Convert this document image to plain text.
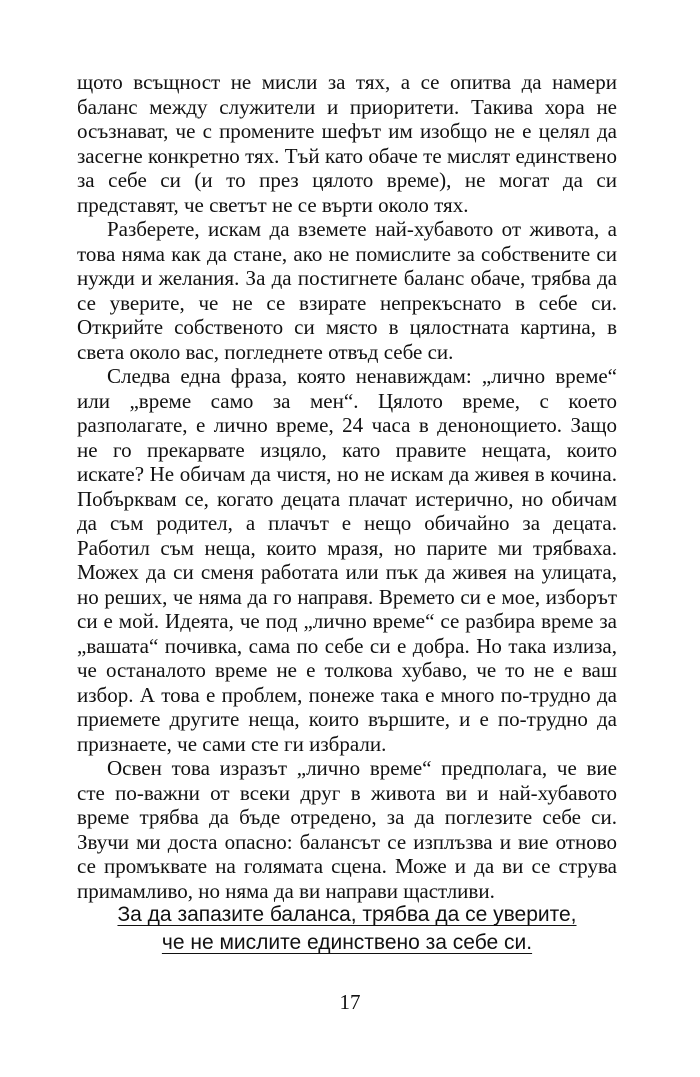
щото всъщност не мисли за тях, а се опитва да намери баланс между служители и приоритети. Такива хора не осъзнават, че с промените шефът им изобщо не е целял да засегне конкретно тях. Тъй като обаче те мислят единствено за себе си (и то през цялото време), не могат да си представят, че светът не се върти около тях.

Разберете, искам да вземете най-хубавото от живота, а това няма как да стане, ако не помислите за собствените си нужди и желания. За да постигнете баланс обаче, трябва да се уверите, че не се взирате непрекъснато в себе си. Открийте собственото си място в цялостната картина, в света около вас, погледнете отвъд себе си.

Следва една фраза, която ненавиждам: „лично време“ или „време само за мен“. Цялото време, с което разполагате, е лично време, 24 часа в денонощието. Защо не го прекарвате изцяло, като правите нещата, които искате? Не обичам да чистя, но не искам да живея в кочина. Побърквам се, когато децата плачат истерично, но обичам да съм родител, а плачът е нещо обичайно за децата. Работил съм неща, които мразя, но парите ми трябваха. Можех да си сменя работата или пък да живея на улицата, но реших, че няма да го направя. Времето си е мое, изборът си е мой. Идеята, че под „лично време“ се разбира време за „вашата“ почивка, сама по себе си е добра. Но така излиза, че останалото време не е толкова хубаво, че то не е ваш избор. А това е проблем, понеже така е много по-трудно да приемете другите неща, които вършите, и е по-трудно да признаете, че сами сте ги избрали.

Освен това изразът „лично време“ предполага, че вие сте по-важни от всеки друг в живота ви и най-хубавото време трябва да бъде отредено, за да поглезите себе си. Звучи ми доста опасно: балансът се изплъзва и вие отново се промъквате на голямата сцена. Може и да ви се струва примамливо, но няма да ви направи щастливи.

За да запазите баланса, трябва да се уверите,
че не мислите единствено за себе си.

17
